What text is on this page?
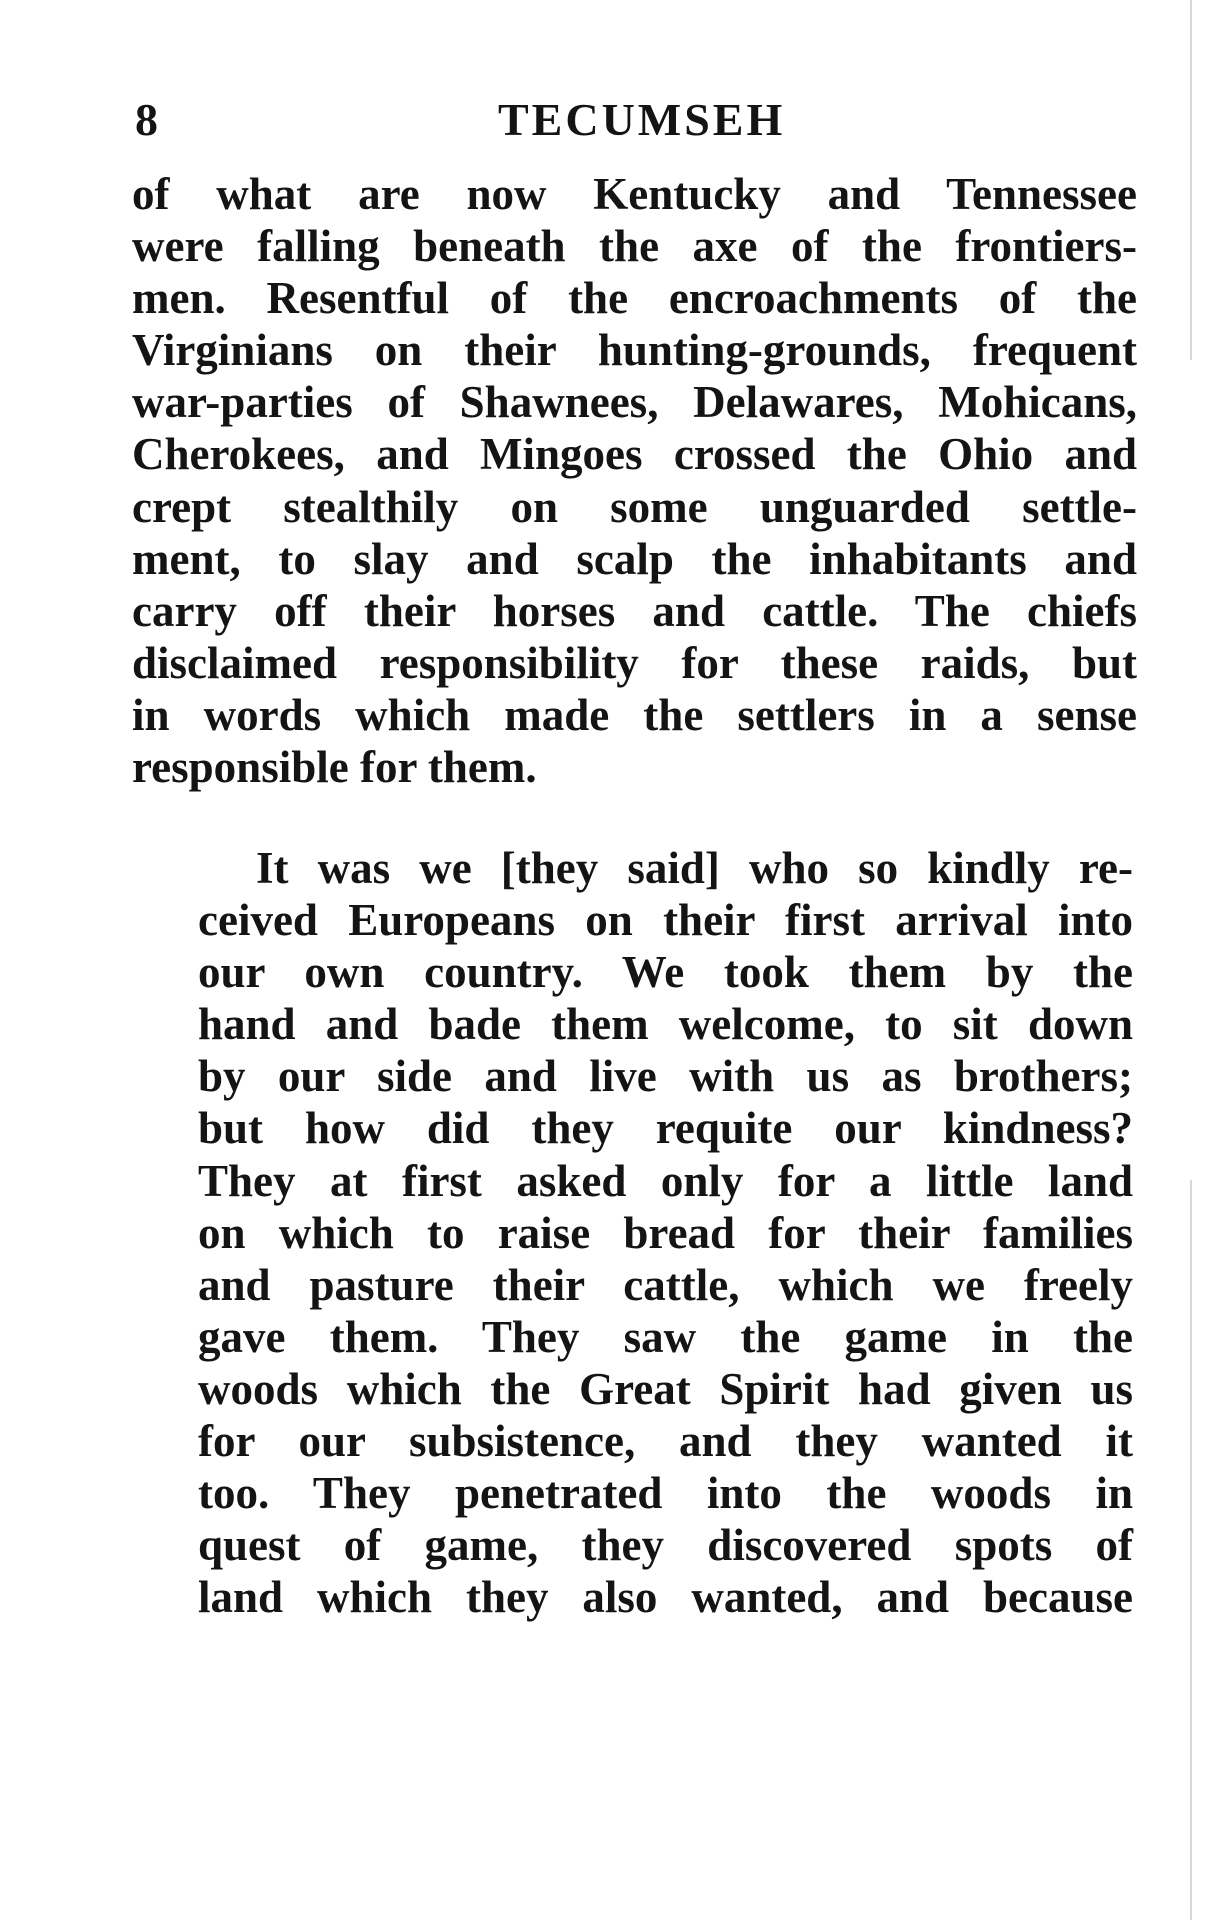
8	TECUMSEH

of what are now Kentucky and Tennessee
were falling beneath the axe of the frontiers-
men. Resentful of the encroachments of the
Virginians on their hunting-grounds, frequent
war-parties of Shawnees, Delawares, Mohicans,
Cherokees, and Mingoes crossed the Ohio and
crept stealthily on some unguarded settle-
ment, to slay and scalp the inhabitants and
carry off their horses and cattle. The chiefs
disclaimed responsibility for these raids, but
in words which made the settlers in a sense
responsible for them.

It was we [they said] who so kindly re-
ceived Europeans on their first arrival into
our own country. We took them by the
hand and bade them welcome, to sit down
by our side and live with us as brothers;
but how did they requite our kindness?
They at first asked only for a little land
on which to raise bread for their families
and pasture their cattle, which we freely
gave them. They saw the game in the
woods which the Great Spirit had given us
for our subsistence, and they wanted it
too. They penetrated into the woods in
quest of game, they discovered spots of
land which they also wanted, and because
